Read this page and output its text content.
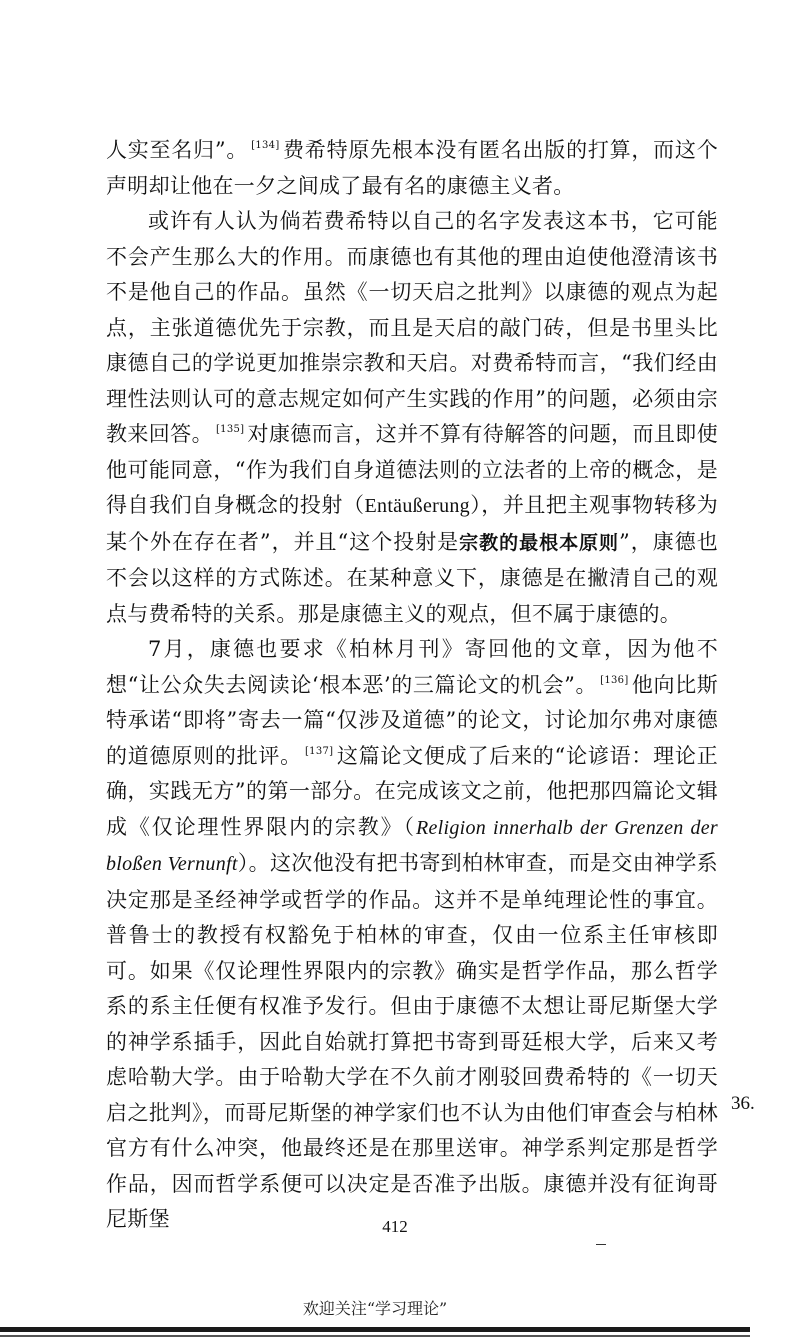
人实至名归”。 [134] 费希特原先根本没有匿名出版的打算，而这个声明却让他在一夕之间成了最有名的康德主义者。

或许有人认为倘若费希特以自己的名字发表这本书，它可能不会产生那么大的作用。而康德也有其他的理由迫使他澄清该书不是他自己的作品。虽然《一切天启之批判》以康德的观点为起点，主张道德优先于宗教，而且是天启的敲门砖，但是书里头比康德自己的学说更加推崇宗教和天启。对费希特而言，“我们经由理性法则认可的意志规定如何产生实践的作用”的问题，必须由宗教来回答。 [135] 对康德而言，这并不算有待解答的问题，而且即使他可能同意，“作为我们自身道德法则的立法者的上帝的概念，是得自我们自身概念的投射（Entäußerung），并且把主观事物转移为某个外在存在者”，并且“这个投射是宗教的最根本原则”，康德也不会以这样的方式陈述。在某种意义下，康德是在撇清自己的观点与费希特的关系。那是康德主义的观点，但不属于康德的。

7月，康德也要求《柏林月刊》寄回他的文章，因为他不想“让公众失去阅读论‘根本恶’的三篇论文的机会”。 [136] 他向比斯特承诺“即将”寄去一篇“仅涉及道德”的论文，讨论加尔弗对康德的道德原则的批评。 [137] 这篇论文便成了后来的“论谚语：理论正确，实践无方”的第一部分。在完成该文之前，他把那四篇论文辑成《仅论理性界限内的宗教》（Religion innerhalb der Grenzen der bloßen Vernunft）。这次他没有把书寄到柏林审查，而是交由神学系决定那是圣经神学或哲学的作品。这并不是单纯理论性的事宜。普鲁士的教授有权豁免于柏林的审查，仅由一位系主任审核即可。如果《仅论理性界限内的宗教》确实是哲学作品，那么哲学系的系主任便有权准予发行。但由于康德不太想让哥尼斯堡大学的神学系插手，因此自始就打算把书寄到哥廷根大学，后来又考虑哈勒大学。由于哈勒大学在不久前才刚驳回费希特的《一切天启之批判》，而哥尼斯堡的神学家们也不认为由他们审查会与柏林官方有什么冲突，他最终还是在那里送审。神学系判定那是哲学作品，因而哲学系便可以决定是否准予出版。康德并没有征询哥尼斯堡

36.
412
欢迎关注“学习理论”
